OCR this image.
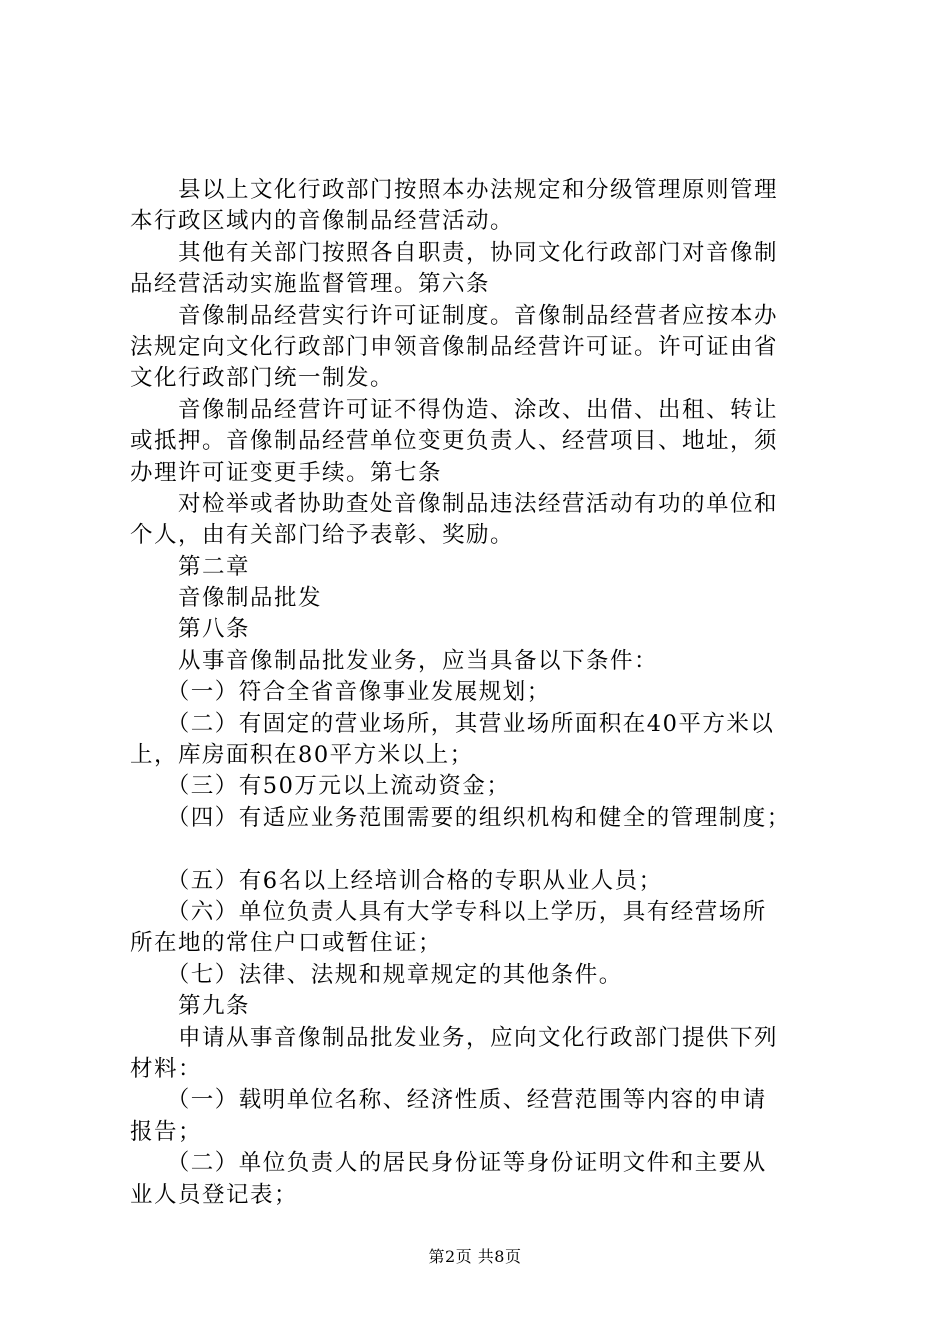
　　县以上文化行政部门按照本办法规定和分级管理原则管理
本行政区域内的音像制品经营活动。
　　其他有关部门按照各自职责，协同文化行政部门对音像制
品经营活动实施监督管理。第六条
　　音像制品经营实行许可证制度。音像制品经营者应按本办
法规定向文化行政部门申领音像制品经营许可证。许可证由省
文化行政部门统一制发。
　　音像制品经营许可证不得伪造、涂改、出借、出租、转让
或抵押。音像制品经营单位变更负责人、经营项目、地址，须
办理许可证变更手续。第七条
　　对检举或者协助查处音像制品违法经营活动有功的单位和
个人，由有关部门给予表彰、奖励。
　　第二章
　　音像制品批发
　　第八条
　　从事音像制品批发业务，应当具备以下条件：
　　（一）符合全省音像事业发展规划；
　　（二）有固定的营业场所，其营业场所面积在40平方米以
上，库房面积在80平方米以上；
　　（三）有50万元以上流动资金；
　　（四）有适应业务范围需要的组织机构和健全的管理制度；
　　（五）有6名以上经培训合格的专职从业人员；
　　（六）单位负责人具有大学专科以上学历，具有经营场所
所在地的常住户口或暂住证；
　　（七）法律、法规和规章规定的其他条件。
　　第九条
　　申请从事音像制品批发业务，应向文化行政部门提供下列
材料：
　　（一）载明单位名称、经济性质、经营范围等内容的申请
报告；
　　（二）单位负责人的居民身份证等身份证明文件和主要从
业人员登记表；
第2页 共8页
